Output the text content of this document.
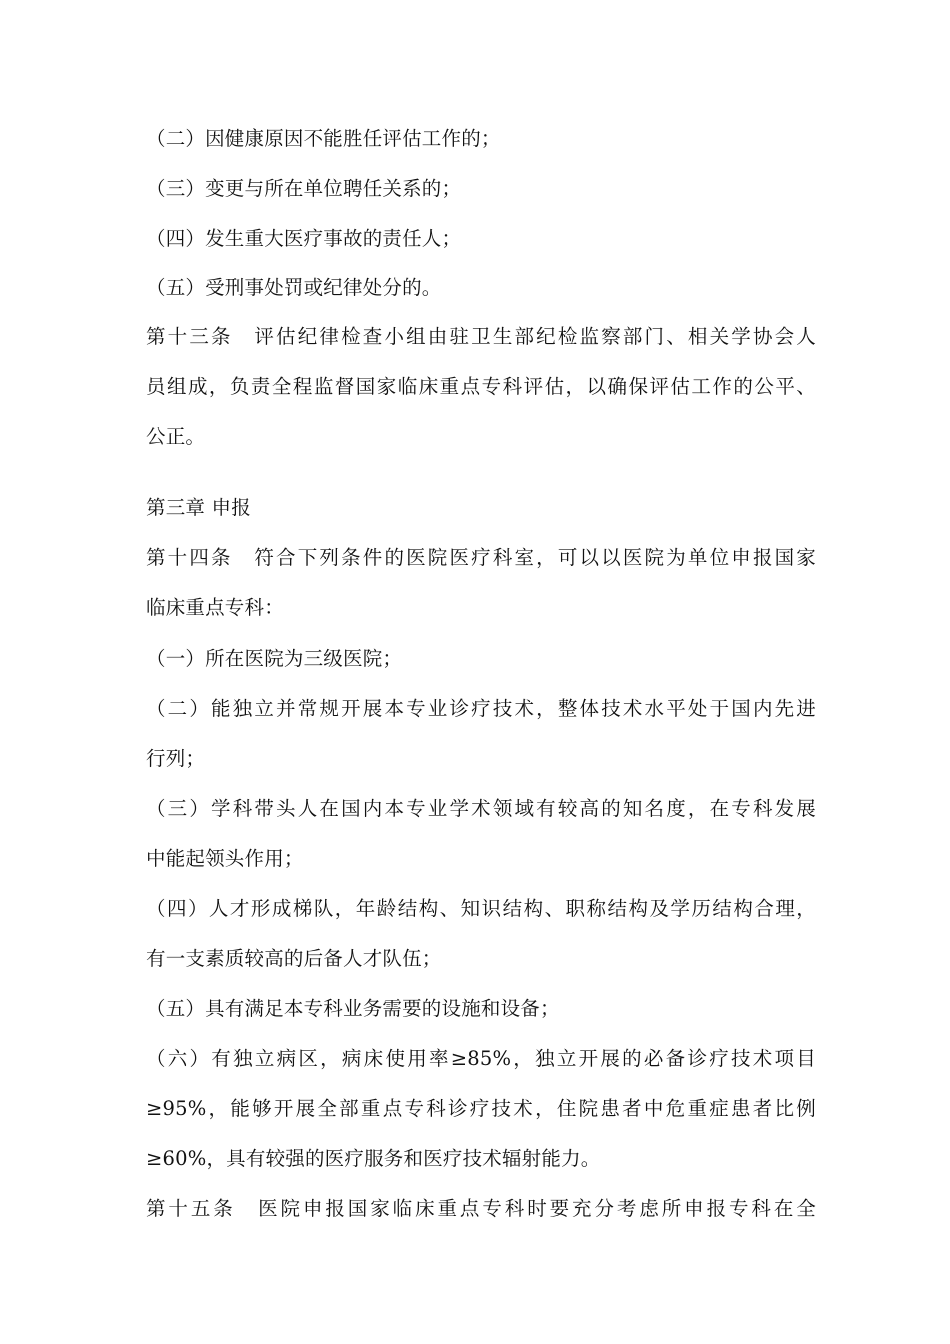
（二）因健康原因不能胜任评估工作的；
（三）变更与所在单位聘任关系的；
（四）发生重大医疗事故的责任人；
（五）受刑事处罚或纪律处分的。
第十三条　评估纪律检查小组由驻卫生部纪检监察部门、相关学协会人
员组成，负责全程监督国家临床重点专科评估，以确保评估工作的公平、
公正。
第三章 申报
第十四条　符合下列条件的医院医疗科室，可以以医院为单位申报国家
临床重点专科：
（一）所在医院为三级医院；
（二）能独立并常规开展本专业诊疗技术，整体技术水平处于国内先进
行列；
（三）学科带头人在国内本专业学术领域有较高的知名度，在专科发展
中能起领头作用；
（四）人才形成梯队，年龄结构、知识结构、职称结构及学历结构合理，
有一支素质较高的后备人才队伍；
（五）具有满足本专科业务需要的设施和设备；
（六）有独立病区，病床使用率≥85%，独立开展的必备诊疗技术项目
≥95%，能够开展全部重点专科诊疗技术，住院患者中危重症患者比例
≥60%，具有较强的医疗服务和医疗技术辐射能力。
第十五条　医院申报国家临床重点专科时要充分考虑所申报专科在全
